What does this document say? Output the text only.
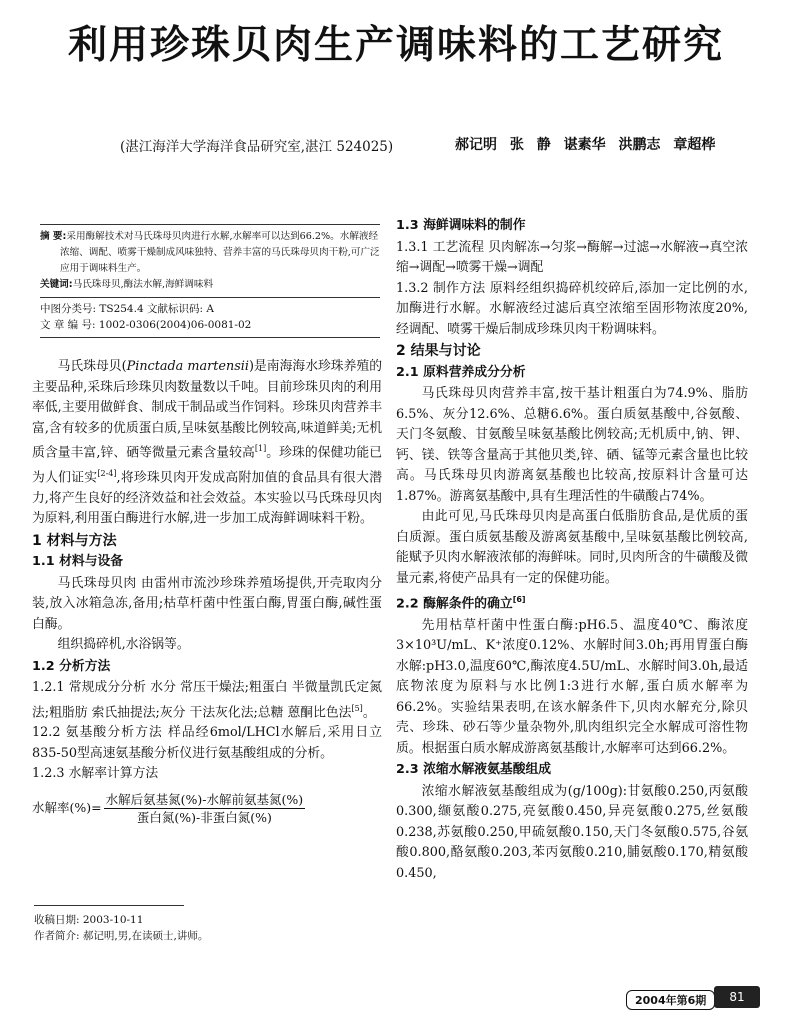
利用珍珠贝肉生产调味料的工艺研究
(湛江海洋大学海洋食品研究室,湛江 524025)	郝记明 张 静 谌素华 洪鹏志 章超桦
摘 要:采用酶解技术对马氏珠母贝肉进行水解,水解率可以达到66.2%。水解液经浓缩、调配、喷雾干燥制成风味独特、营养丰富的马氏珠母贝肉干粉,可广泛应用于调味料生产。
关键词:马氏珠母贝,酶法水解,海鲜调味料
中图分类号: TS254.4 文献标识码: A
文 章 编 号: 1002-0306(2004)06-0081-02

马氏珠母贝(Pinctada martensii)是南海海水珍珠养殖的主要品种,采珠后珍珠贝肉数量数以千吨。目前珍珠贝肉的利用率低,主要用做鲜食、制成干制品或当作饲料。珍珠贝肉营养丰富,含有较多的优质蛋白质,呈味氨基酸比例较高,味道鲜美;无机质含量丰富,锌、硒等微量元素含量较高[1]。珍珠的保健功能已为人们证实[2-4],将珍珠贝肉开发成高附加值的食品具有很大潜力,将产生良好的经济效益和社会效益。本实验以马氏珠母贝肉为原料,利用蛋白酶进行水解,进一步加工成海鲜调味料干粉。

1 材料与方法
1.1 材料与设备

马氏珠母贝肉 由雷州市流沙珍珠养殖场提供,开壳取肉分装,放入冰箱急冻,备用;枯草杆菌中性蛋白酶,胃蛋白酶,碱性蛋白酶。

组织捣碎机,水浴锅等。

1.2 分析方法

1.2.1 常规成分分析 水分 常压干燥法;粗蛋白 半微量凯氏定氮法;粗脂肪 索氏抽提法;灰分 干法灰化法;总糖 蒽酮比色法[5]。

12.2 氨基酸分析方法 样品经6mol/LHCl水解后,采用日立835-50型高速氨基酸分析仪进行氨基酸组成的分析。

1.2.3 水解率计算方法

水解率(%)= $\frac{\text{水解后氨基氮(\%)-水解前氨基氮(\%)}}{\text{蛋白氮(\%)-非蛋白氮(\%)}}$
1.3 海鲜调味料的制作

1.3.1 工艺流程 贝肉解冻→匀浆→酶解→过滤→水解液→真空浓缩→调配→喷雾干燥→调配

1.3.2 制作方法 原料经组织捣碎机绞碎后,添加一定比例的水,加酶进行水解。水解液经过滤后真空浓缩至固形物浓度20%,经调配、喷雾干燥后制成珍珠贝肉干粉调味料。

2 结果与讨论
2.1 原料营养成分分析

马氏珠母贝肉营养丰富,按干基计粗蛋白为74.9%、脂肪6.5%、灰分12.6%、总糖6.6%。蛋白质氨基酸中,谷氨酸、天门冬氨酸、甘氨酸呈味氨基酸比例较高;无机质中,钠、钾、钙、镁、铁等含量高于其他贝类,锌、硒、锰等元素含量也比较高。马氏珠母贝肉游离氨基酸也比较高,按原料计含量可达1.87%。游离氨基酸中,具有生理活性的牛磺酸占74%。

由此可见,马氏珠母贝肉是高蛋白低脂肪食品,是优质的蛋白质源。蛋白质氨基酸及游离氨基酸中,呈味氨基酸比例较高,能赋予贝肉水解液浓郁的海鲜味。同时,贝肉所含的牛磺酸及微量元素,将使产品具有一定的保健功能。

2.2 酶解条件的确立[6]

先用枯草杆菌中性蛋白酶:pH6.5、温度40℃、酶浓度3×10³U/mL、K⁺浓度0.12%、水解时间3.0h;再用胃蛋白酶水解:pH3.0,温度60℃,酶浓度4.5U/mL、水解时间3.0h,最适底物浓度为原料与水比例1:3进行水解,蛋白质水解率为66.2%。实验结果表明,在该水解条件下,贝肉水解充分,除贝壳、珍珠、砂石等少量杂物外,肌肉组织完全水解成可溶性物质。根据蛋白质水解成游离氨基酸计,水解率可达到66.2%。

2.3 浓缩水解液氨基酸组成

浓缩水解液氨基酸组成为(g/100g):甘氨酸0.250,丙氨酸0.300,缬氨酸0.275,亮氨酸0.450,异亮氨酸0.275,丝氨酸0.238,苏氨酸0.250,甲硫氨酸0.150,天门冬氨酸0.575,谷氨酸0.800,酪氨酸0.203,苯丙氨酸0.210,脯氨酸0.170,精氨酸0.450,

收稿日期: 2003-10-11
作者简介: 郝记明,男,在读硕士,讲师。
2004年第6期	81
